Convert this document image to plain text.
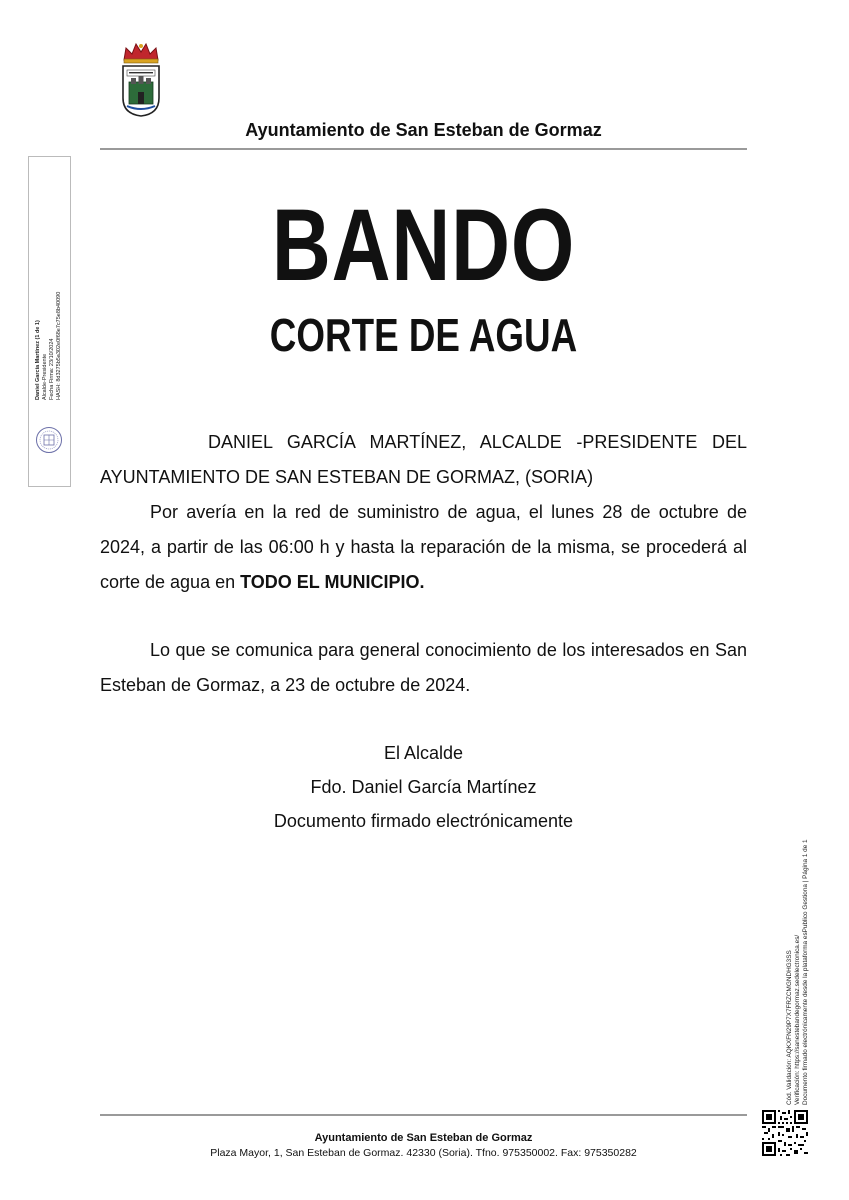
Ayuntamiento de San Esteban de Gormaz
BANDO
CORTE DE AGUA
DANIEL GARCÍA MARTÍNEZ, ALCALDE -PRESIDENTE DEL AYUNTAMIENTO DE SAN ESTEBAN DE GORMAZ, (SORIA)
Por avería en la red de suministro de agua, el lunes 28 de octubre de 2024, a partir de las 06:00 h y hasta la reparación de la misma, se procederá al corte de agua en TODO EL MUNICIPIO.
Lo que se comunica para general conocimiento de los interesados en San Esteban de Gormaz, a 23 de octubre de 2024.
El Alcalde
Fdo. Daniel García Martínez
Documento firmado electrónicamente
Ayuntamiento de San Esteban de Gormaz
Plaza Mayor, 1, San Esteban de Gormaz. 42330 (Soria). Tfno. 975350002. Fax: 975350282
Daniel García Martínez (1 de 1) Alcalde-Presidente Fecha Firma: 23/10/2024 HASH: 8d3275b5a302e0f68e7c75e8b40090
Cód. Validación: AQKXFN29P7X7FRZCMGNDHG3SS Verificación: https://sanestebandegormaz.sedelectronica.es/ Documento firmado electrónicamente desde la plataforma esPublico Gestiona | Página 1 de 1
